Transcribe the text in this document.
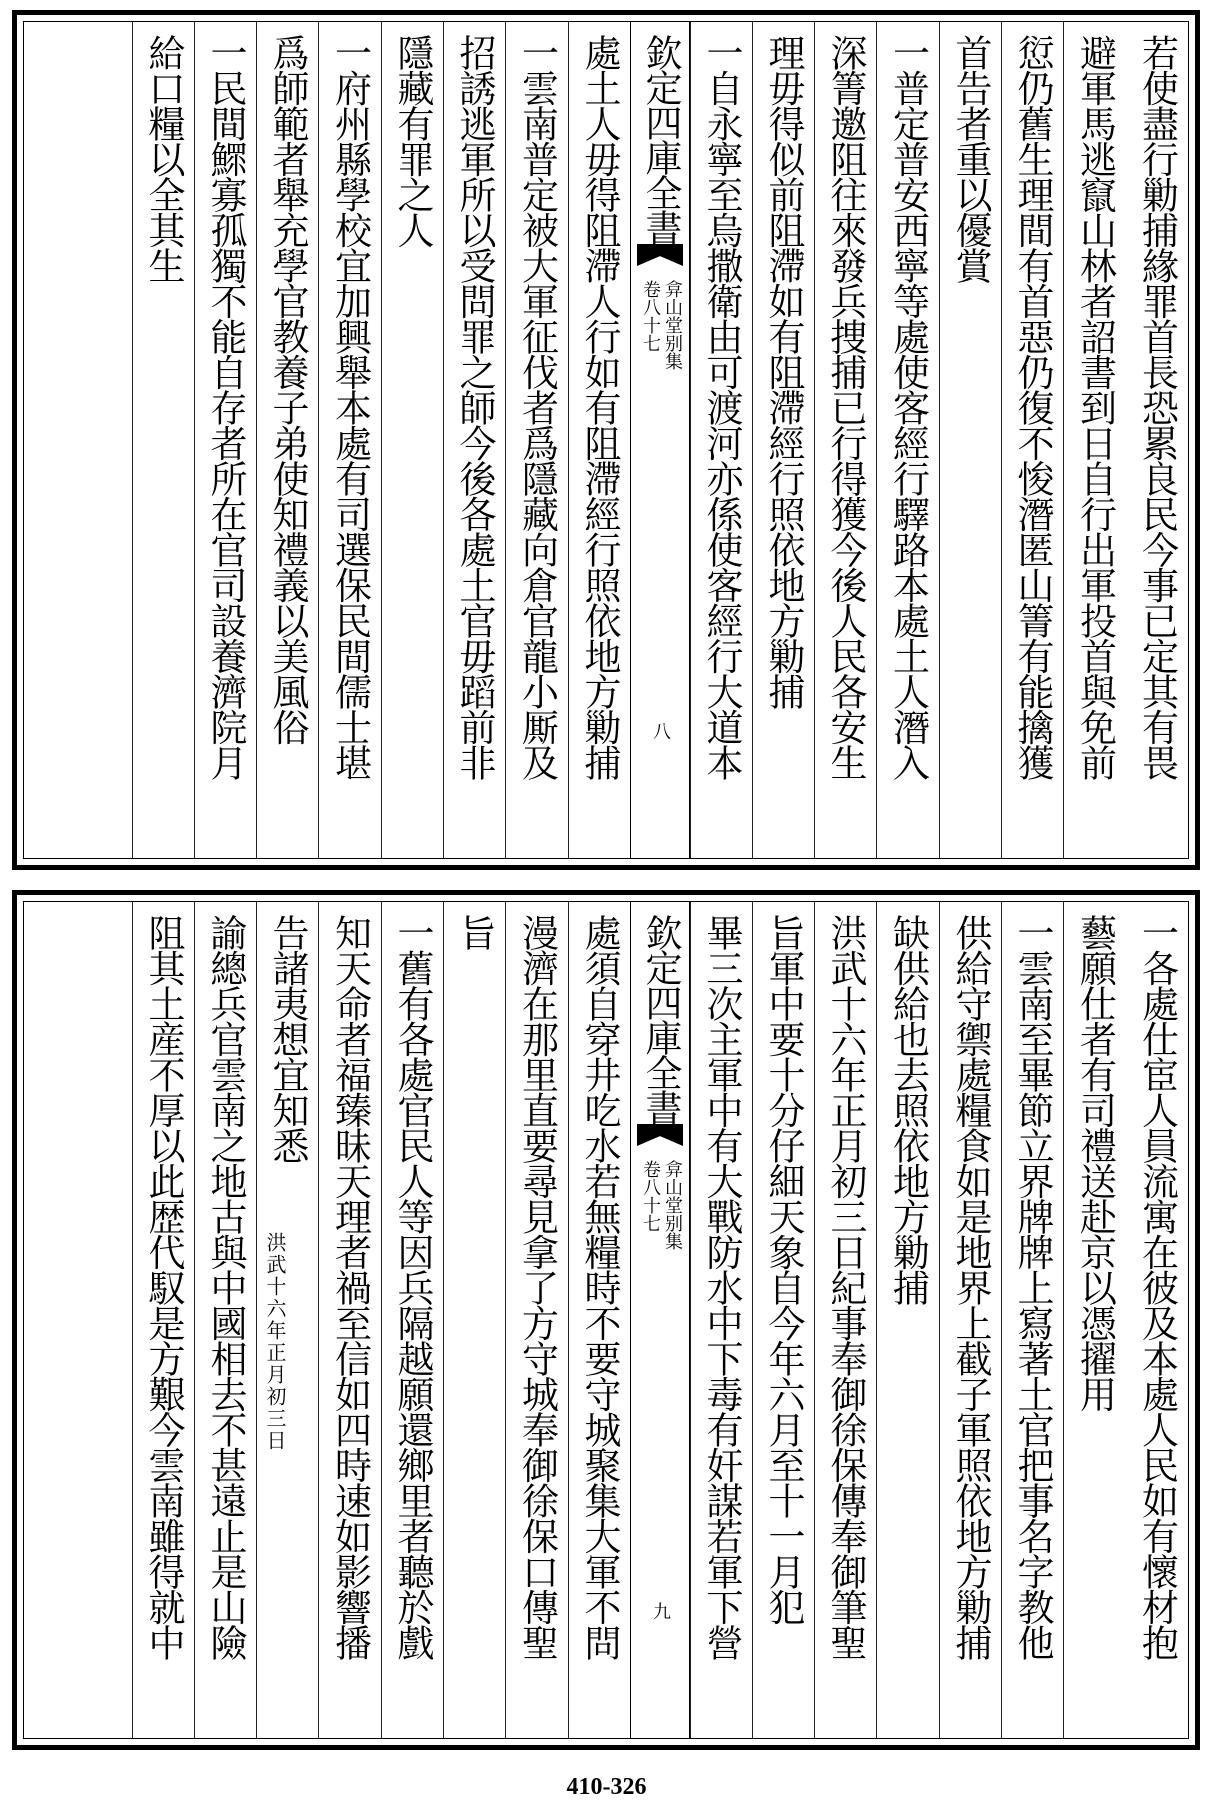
若使盡行勦捕緣罪首長恐累良民今事已定其有畏
避軍馬逃竄山林者詔書到日自行出軍投首與免前
愆仍舊生理間有首惡仍復不悛潛匿山箐有能擒獲
首告者重以優賞
一普定普安西寧等處使客經行驛路本處土人潛入
深箐邀阻往來發兵捜捕已行得獲今後人民各安生
理毋得似前阻滯如有阻滯經行照依地方勦捕
一自永寧至烏撒衛由可渡河亦係使客經行大道本
欽定四庫全書
弇山堂别集
卷八十七
八
處土人毋得阻滯人行如有阻滯經行照依地方勦捕
一雲南普定被大軍征伐者爲隱藏向倉官龍小厮及
招誘逃軍所以受問罪之師今後各處土官毋蹈前非
隱藏有罪之人
一府州縣學校宜加興舉本處有司選保民間儒士堪
爲師範者舉充學官教養子弟使知禮義以美風俗
一民間鰥寡孤獨不能自存者所在官司設養濟院月
給口糧以全其生
一各處仕宦人員流寓在彼及本處人民如有懷材抱
藝願仕者有司禮送赴京以憑擢用
一雲南至畢節立界牌牌上寫著土官把事名字教他
供給守禦處糧食如是地界上截子軍照依地方勦捕
缺供給也去照依地方勦捕
洪武十六年正月初三日紀事奉御徐保傳奉御筆聖
旨軍中要十分仔細天象自今年六月至十一月犯
畢三次主軍中有大戰防水中下毒有奸謀若軍下營
欽定四庫全書
弇山堂别集
卷八十七
九
處須自穿井吃水若無糧時不要守城聚集大軍不問
漫濟在那里直要尋見拿了方守城奉御徐保口傳聖
旨
一舊有各處官民人等因兵隔越願還鄉里者聽於戲
知天命者福臻昧天理者禍至信如四時速如影響播
告諸夷想宜知悉
洪武十六年正月初三日
諭總兵官雲南之地古與中國相去不甚遠止是山險
阻其土産不厚以此歴代馭是方艱今雲南雖得就中
410-326
